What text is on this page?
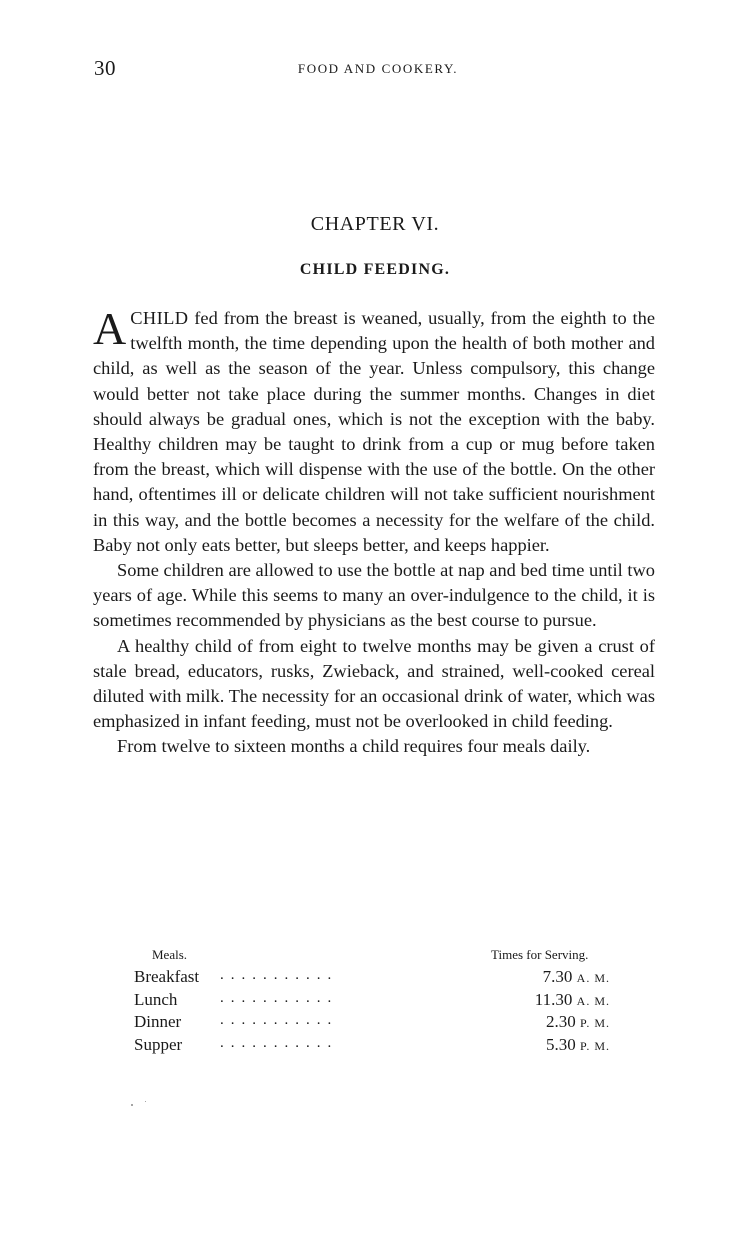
30	FOOD AND COOKERY.
CHAPTER VI.
CHILD FEEDING.

ACHILD fed from the breast is weaned, usually, from the eighth to the twelfth month, the time depending upon the health of both mother and child, as well as the season of the year. Unless compulsory, this change would better not take place during the summer months. Changes in diet should always be gradual ones, which is not the exception with the baby. Healthy children may be taught to drink from a cup or mug before taken from the breast, which will dispense with the use of the bottle. On the other hand, oftentimes ill or delicate children will not take sufficient nourishment in this way, and the bottle becomes a necessity for the welfare of the child. Baby not only eats better, but sleeps better, and keeps happier.

Some children are allowed to use the bottle at nap and bed time until two years of age. While this seems to many an over-indulgence to the child, it is sometimes recommended by physicians as the best course to pursue.

A healthy child of from eight to twelve months may be given a crust of stale bread, educators, rusks, Zwieback, and strained, well-cooked cereal diluted with milk. The necessity for an occasional drink of water, which was emphasized in infant feeding, must not be overlooked in child feeding.

From twelve to sixteen months a child requires four meals daily.

Meals.	Times for Serving.
...........
Breakfast	7.30 A. M.
...........
Lunch	11.30 A. M.
...........
Dinner	2.30 P. M.
...........
Supper	5.30 P. M.
